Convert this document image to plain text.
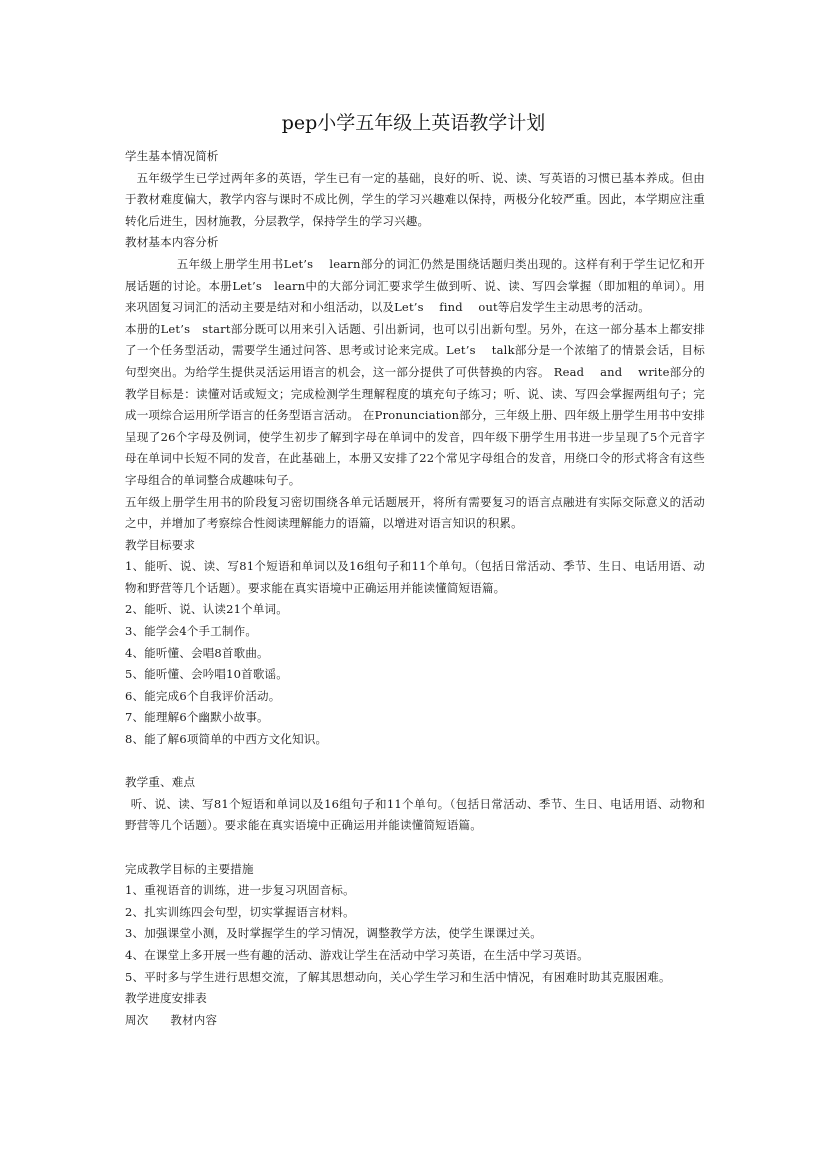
pep小学五年级上英语教学计划

学生基本情况简析

五年级学生已学过两年多的英语，学生已有一定的基础，良好的听、说、读、写英语的习惯已基本养成。但由于教材难度偏大，教学内容与课时不成比例，学生的学习兴趣难以保持，两极分化较严重。因此，本学期应注重转化后进生，因材施教，分层教学，保持学生的学习兴趣。

教材基本内容分析

五年级上册学生用书Let’s　 learn部分的词汇仍然是围绕话题归类出现的。这样有利于学生记忆和开展话题的讨论。本册Let’s　learn中的大部分词汇要求学生做到听、说、读、写四会掌握（即加粗的单词）。用来巩固复习词汇的活动主要是结对和小组活动，以及Let’s　 find　 out等启发学生主动思考的活动。

本册的Let’s　start部分既可以用来引入话题、引出新词，也可以引出新句型。另外，在这一部分基本上都安排了一个任务型活动，需要学生通过问答、思考或讨论来完成。Let’s　 talk部分是一个浓缩了的情景会话，目标句型突出。为给学生提供灵活运用语言的机会，这一部分提供了可供替换的内容。 Read　 and　 write部分的教学目标是：读懂对话或短文；完成检测学生理解程度的填充句子练习；听、说、读、写四会掌握两组句子；完成一项综合运用所学语言的任务型语言活动。 在Pronunciation部分，三年级上册、四年级上册学生用书中安排呈现了26个字母及例词，使学生初步了解到字母在单词中的发音，四年级下册学生用书进一步呈现了5个元音字母在单词中长短不同的发音，在此基础上，本册又安排了22个常见字母组合的发音，用绕口令的形式将含有这些字母组合的单词整合成趣味句子。

五年级上册学生用书的阶段复习密切围绕各单元话题展开，将所有需要复习的语言点融进有实际交际意义的活动之中，并增加了考察综合性阅读理解能力的语篇，以增进对语言知识的积累。

教学目标要求

1、能听、说、读、写81个短语和单词以及16组句子和11个单句。（包括日常活动、季节、生日、电话用语、动物和野营等几个话题）。要求能在真实语境中正确运用并能读懂简短语篇。

2、能听、说、认读21个单词。

3、能学会4个手工制作。

4、能听懂、会唱8首歌曲。

5、能听懂、会吟唱10首歌谣。

6、能完成6个自我评价活动。

7、能理解6个幽默小故事。

8、能了解6项简单的中西方文化知识。

教学重、难点

听、说、读、写81个短语和单词以及16组句子和11个单句。（包括日常活动、季节、生日、电话用语、动物和野营等几个话题）。要求能在真实语境中正确运用并能读懂简短语篇。

完成教学目标的主要措施

1、重视语音的训练，进一步复习巩固音标。

2、扎实训练四会句型，切实掌握语言材料。

3、加强课堂小测，及时掌握学生的学习情况，调整教学方法，使学生课课过关。

4、在课堂上多开展一些有趣的活动、游戏让学生在活动中学习英语，在生活中学习英语。

5、平时多与学生进行思想交流，了解其思想动向，关心学生学习和生活中情况，有困难时助其克服困难。

教学进度安排表

周次 教材内容
